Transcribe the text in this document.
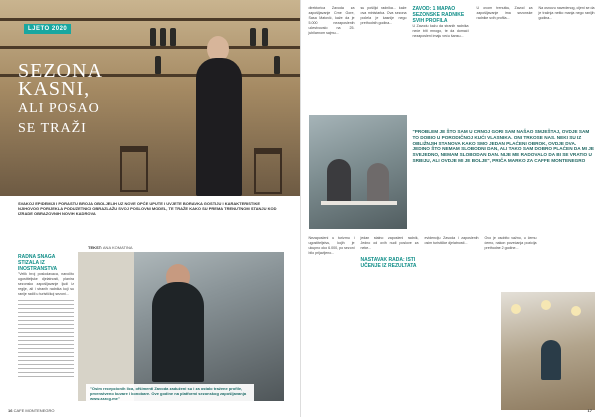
LJETO 2020
SEZONA
KASNI,
ALI POSAO
SE TRAŽI
SVAKOJ EPIDEMIJI I PORASTU BROJA OBOLJELIH UZ NOVE OPĆE UPUTE I UVJETE BORAVKA GOSTIJU I KARAKTERISTIKE NJIHOVOG PORIJEKLA PODUZETNICI OBRAZLAŽU SVOJ POSLOVNI MODEL, TE TRAŽE KAKO SU PREMA TRENUTNOM STANJU KOD IZRADE OBRAZOVNIH NOVIH KADROVA
TEKST: ANA KOMATINA
RADNA SNAGA STIZALA IZ INOSTRANSTVA
"Velik broj poslodavaca, naročito ugostiteljske djelatnosti, planira sezonsko zapošljavanje ljudi iz regije, ali i stranih radnika koji su ranije radili u turističkoj sezoni...
"Osim recepcionih lica, ofšimenti Zavoda zaduženi su i za ostalo tražene profile, prvenstveno kuvare i konobare. Ove godine na platformi sezonskog zapošljavanja www.zzzcg.me"
16 CAFE MONTENEGRO
direktorica Zavoda za zapošljavanje Crne Gore, Sasa Matović, kaže da je 5.000 nezaposlenih učestvovalo na 25. jubilarnom sajmu...
su pošiljci radnika... kaže ova ministarka. Ova sezona počela je kasnije nego prethodnih godina...
ZAVOD: 1 MAPAO SEZONSKE RADNIKE SVIH PROFILA
U Zavodu kažu da stranih radnika neće biti mnogo, te da domaći nezaposleni imaju veću šansu...
U ovom trenutku, Zavod za zapošljavanje ima sezonske radnike svih profila...
Na osnovu navedenog, cijeni se da je tražnja nešto manja nego ranijih godina...
"PROBLEM JE ŠTO SAM U CRNOJ GORI SAM NAŠAO SMJEŠTAJ, OVDJE SAM TO DOBIO U PORODIČNOJ KUĆI VLASNIKA. ONI TRKOSE NAS. NEKI SU IZ OBLIŽNJIH STANOVA KAKO SMO JEDAN PLAĆENI OBROK, OVDJE DVA. JEDINO ŠTO NEMAM SLOBODNI DAN, ALI TAKO SAM DOBRO PLAĆEN DA MI JE SVEJEDNO, NEMAM SLOBODAN DAN. NIJE ME RADOVALO DA BI SE VRATIO U SRBIJU, ALI OVDJE MI JE BOLJE", PRIČA MARKO ZA CAFFE MONTENEGRO
Nezaposleni u turizmu i ugostiteljstvu, kojih je ukupno oko 6.000, po sezoni bilo prijavljeno...
jedan stalno zaposleni radnik, Jedno od ovih nudi poslove za neke...
NASTAVAK RADA: ISTI UČENJE IZ REZULTATA
evidenciju Zavoda i zaposlenih osim turističke djelatnosti...
Ovo je osobito važno, u čemu ćemo, nakon povećanja pozicija prethodne 2 godine...
17
